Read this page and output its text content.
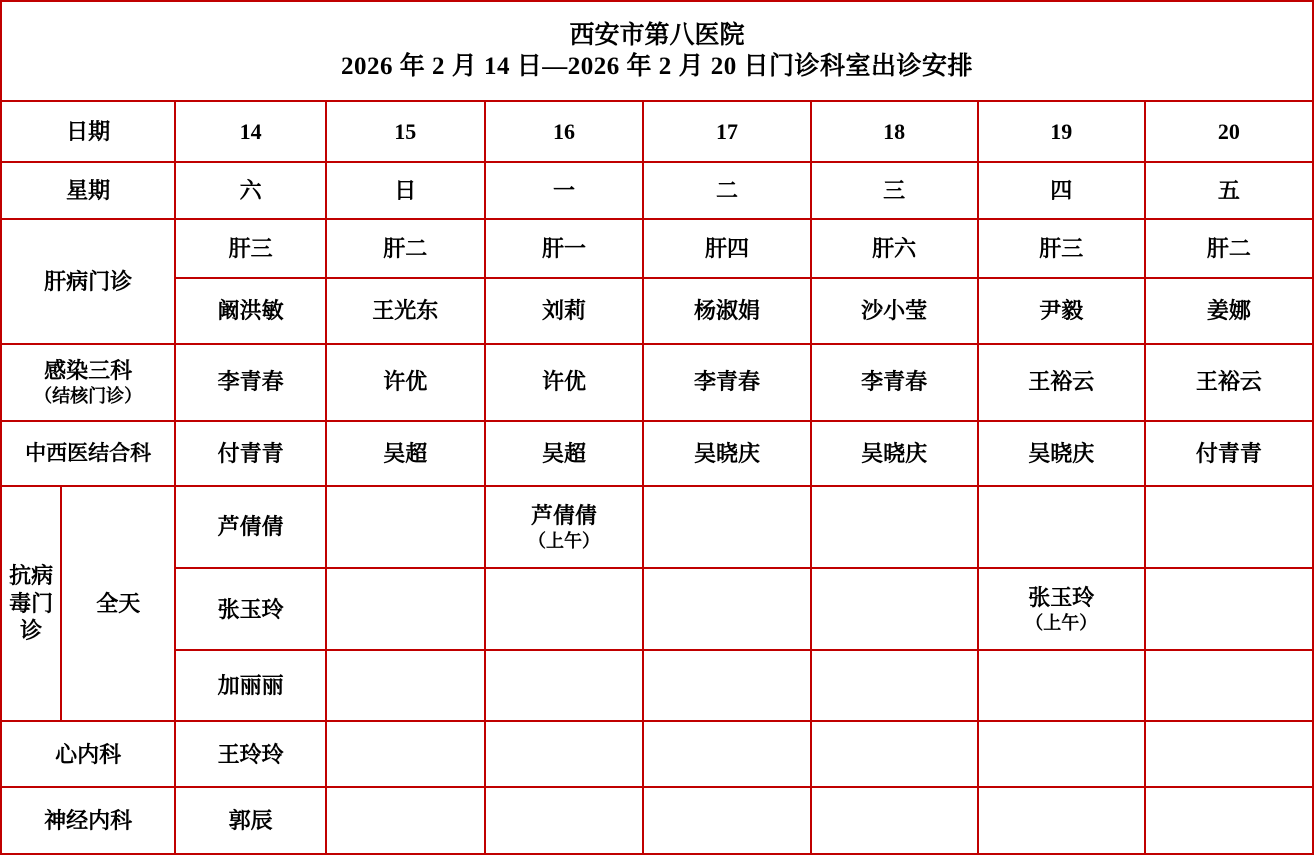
西安市第八医院
2026 年 2 月 14 日—2026 年 2 月 20 日门诊科室出诊安排								

日期		14	15	16	17	18	19	20
星期		六	日	一	二	三	四	五
肝病门诊		肝三	肝二	肝一	肝四	肝六	肝三	肝二
		阚洪敏	王光东	刘莉	杨淑娟	沙小莹	尹毅	姜娜
感染三科
（结核门诊）		李青春	许优	许优	李青春	李青春	王裕云	王裕云
中西医结合科		付青青	吴超	吴超	吴晓庆	吴晓庆	吴晓庆	付青青
抗病毒门诊	全天	芦倩倩		芦倩倩
（上午）				

		张玉玲					张玉玲
（上午）	

		加丽丽						
心内科		王玲玲						
神经内科		郭辰						
